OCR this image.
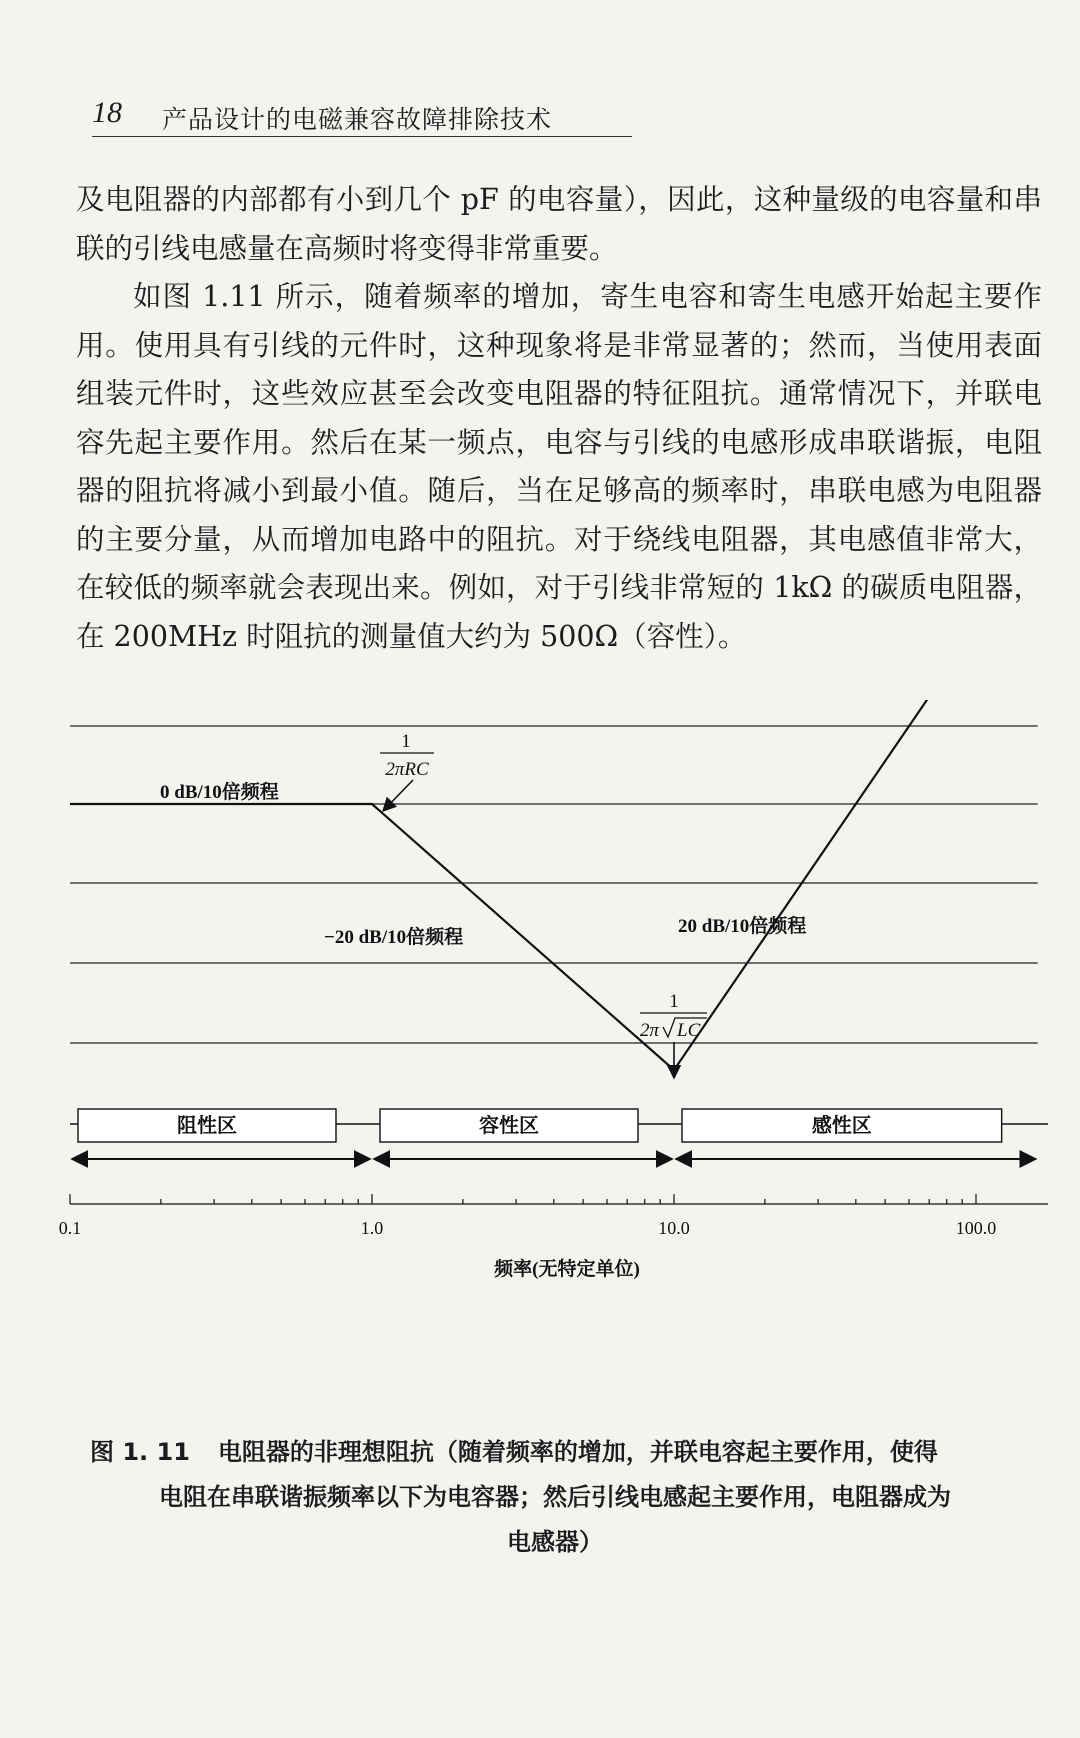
18 产品设计的电磁兼容故障排除技术

及电阻器的内部都有小到几个 pF 的电容量），因此，这种量级的电容量和串联的引线电感量在高频时将变得非常重要。

如图 1.11 所示，随着频率的增加，寄生电容和寄生电感开始起主要作用。使用具有引线的元件时，这种现象将是非常显著的；然而，当使用表面组装元件时，这些效应甚至会改变电阻器的特征阻抗。通常情况下，并联电容先起主要作用。然后在某一频点，电容与引线的电感形成串联谐振，电阻器的阻抗将减小到最小值。随后，当在足够高的频率时，串联电感为电阻器的主要分量，从而增加电路中的阻抗。对于绕线电阻器，其电感值非常大，在较低的频率就会表现出来。例如，对于引线非常短的 1kΩ 的碳质电阻器，在 200MHz 时阻抗的测量值大约为 500Ω（容性）。

0 dB/10倍频程
−20 dB/10倍频程
20 dB/10倍频程
1
2πRC
1
2π LC
阻性区	容性区	感性区
0.1	1.0	10.0	100.0
频率(无特定单位)
图 1. 11 电阻器的非理想阻抗（随着频率的增加，并联电容起主要作用，使得
电阻在串联谐振频率以下为电容器；然后引线电感起主要作用，电阻器成为
电感器）
